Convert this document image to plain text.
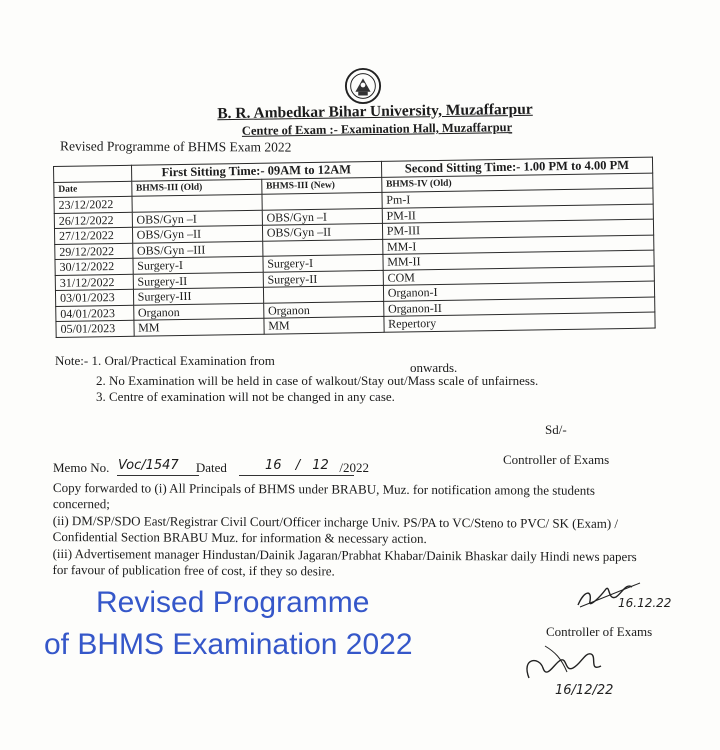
B. R. Ambedkar Bihar University, Muzaffarpur
Centre of Exam :- Examination Hall, Muzaffarpur
Revised Programme of BHMS Exam 2022
	First Sitting Time:- 09AM to 12AM		Second Sitting Time:- 1.00 PM to 4.00 PM
Date	BHMS-III (Old)	BHMS-III (New)	BHMS-IV (Old)
23/12/2022			Pm-I
26/12/2022	OBS/Gyn –I	OBS/Gyn –I	PM-II
27/12/2022	OBS/Gyn –II	OBS/Gyn –II	PM-III
29/12/2022	OBS/Gyn –III		MM-I
30/12/2022	Surgery-I	Surgery-I	MM-II
31/12/2022	Surgery-II	Surgery-II	COM
03/01/2023	Surgery-III		Organon-I
04/01/2023	Organon	Organon	Organon-II
05/01/2023	MM	MM	Repertory
Note:- 1. Oral/Practical Examination from	onwards.
2. No Examination will be held in case of walkout/Stay out/Mass scale of unfairness.
3. Centre of examination will not be changed in any case.
Sd/-
Controller of Exams
Memo No.	Dated	/2022
Voc/1547	16 / 12

Copy forwarded to (i) All Principals of BHMS under BRABU, Muz. for notification among the students concerned;

(ii) DM/SP/SDO East/Registrar Civil Court/Officer incharge Univ. PS/PA to VC/Steno to PVC/ SK (Exam) / Confidential Section BRABU Muz. for information & necessary action.

(iii) Advertisement manager Hindustan/Dainik Jagaran/Prabhat Khabar/Dainik Bhaskar daily Hindi news papers for favour of publication free of cost, if they so desire.

Revised Programme
of BHMS Examination 2022
16.12.22
Controller of Exams
16/12/22
